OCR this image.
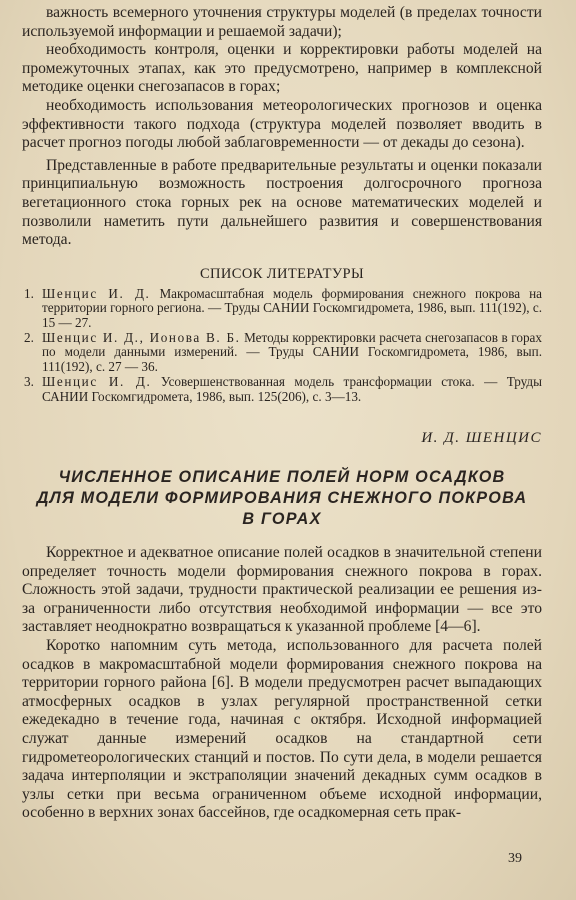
важность всемерного уточнения структуры моделей (в пределах точности используемой информации и решаемой задачи);

необходимость контроля, оценки и корректировки работы моделей на промежуточных этапах, как это предусмотрено, например в комплексной методике оценки снегозапасов в горах;

необходимость использования метеорологических прогнозов и оценка эффективности такого подхода (структура моделей позволяет вводить в расчет прогноз погоды любой заблаговременности — от декады до сезона).

Представленные в работе предварительные результаты и оценки показали принципиальную возможность построения долгосрочного прогноза вегетационного стока горных рек на основе математических моделей и позволили наметить пути дальнейшего развития и совершенствования метода.

СПИСОК ЛИТЕРАТУРЫ
1. Шенцис И. Д. Макромасштабная модель формирования снежного покрова на территории горного региона. — Труды САНИИ Госкомгидромета, 1986, вып. 111(192), с. 15 — 27.
2. Шенцис И. Д., Ионова В. Б. Методы корректировки расчета снегозапасов в горах по модели данными измерений. — Труды САНИИ Госкомгидромета, 1986, вып. 111(192), с. 27 — 36.
3. Шенцис И. Д. Усовершенствованная модель трансформации стока. — Труды САНИИ Госкомгидромета, 1986, вып. 125(206), с. 3—13.
И. Д. ШЕНЦИС
ЧИСЛЕННОЕ ОПИСАНИЕ ПОЛЕЙ НОРМ ОСАДКОВ
ДЛЯ МОДЕЛИ ФОРМИРОВАНИЯ СНЕЖНОГО ПОКРОВА
В ГОРАХ

Корректное и адекватное описание полей осадков в значительной степени определяет точность модели формирования снежного покрова в горах. Сложность этой задачи, трудности практической реализации ее решения из-за ограниченности либо отсутствия необходимой информации — все это заставляет неоднократно возвращаться к указанной проблеме [4—6].

Коротко напомним суть метода, использованного для расчета полей осадков в макромасштабной модели формирования снежного покрова на территории горного района [6]. В модели предусмотрен расчет выпадающих атмосферных осадков в узлах регулярной пространственной сетки ежедекадно в течение года, начиная с октября. Исходной информацией служат данные измерений осадков на стандартной сети гидрометеорологических станций и постов. По сути дела, в модели решается задача интерполяции и экстраполяции значений декадных сумм осадков в узлы сетки при весьма ограниченном объеме исходной информации, особенно в верхних зонах бассейнов, где осадкомерная сеть прак-

39
